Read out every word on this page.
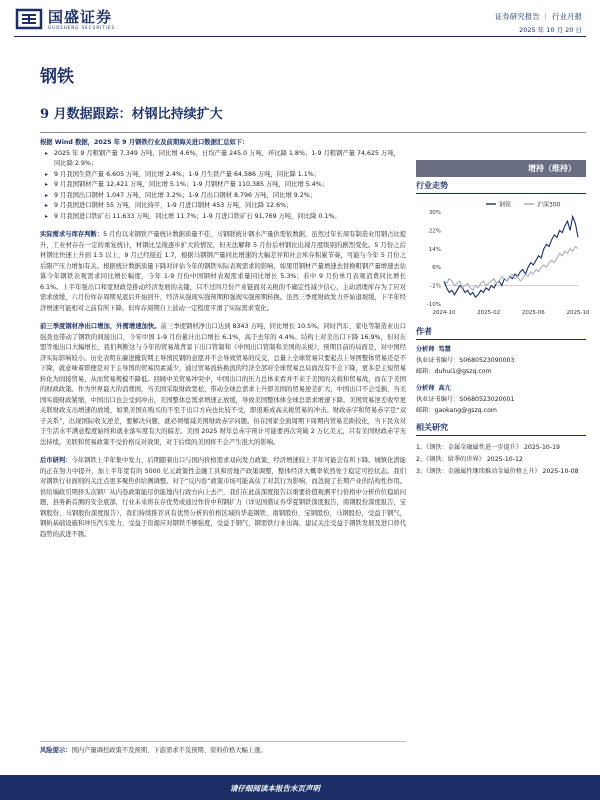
国盛证券
GUOSHENG SECURITIES
证券研究报告 ｜ 行业月报
2025 年 10 月 20 日
钢铁
9 月数据跟踪：材钢比持续扩大

根据 Wind 数据，2025 年 9 月钢铁行业及前期海关进口数据汇总如下：

▸ 2025 年 9 月粗钢产量 7,349 万吨，同比增 4.6%，日均产量 245.0 万吨，环比降 1.8%；1-9 月粗钢产量 74,625 万吨，同比降 2.9%；
▸ 9 月我国生铁产量 6,605 万吨，同比增 2.4%；1-9 月生铁产量 64,586 万吨，同比降 1.1%；
▸ 9 月我国钢材产量 12,421 万吨，同比增 5.1%；1-9 月钢材产量 110,385 万吨，同比增 5.4%；
▸ 9 月我国出口钢材 1,047 万吨，同比增 3.2%；1-9 月出口钢材 8,796 万吨，同比增 9.2%；
▸ 9 月我国进口钢材 55 万吨，同比持平，1-9 月进口钢材 453 万吨，同比降 12.6%；
▸ 9 月我国进口铁矿石 11,633 万吨，同比增 11.7%；1-9 月进口铁矿石 91,769 万吨，同比降 0.1%。

实际需求与库存判断：5 月份以来钢铁产量统计数据质量不佳，马钢联统计钢水产量供需依数据，虽然过年长周有制造业用钢占比提升，工业材存在一定的重复统计，材钢比呈现逐步扩大的情况，但无法解释 5 月份后材钢比出现月度级别的剧烈变化。5 月份之后材钢比快速上升到 1.5 以上，9 月已经接近 1.7，根据马钢钢产量同比增速的大幅差异和社会库存积累节奏，可能与今年 5 月份之后限产压力增加有关。根据统计数据质量下降对评估今年的钢铁实际表观需求的影响，如果用钢材产量增速去替换粗钢产量增速去估算今年钢铁表观需求同比增长幅度，今年 1-9 月份中国钢材表观需求量同比增长 5.3%；若中 9 月份单月表观消费同比增长 6.1%。上半年强出口和宽财政是推动经济发展的关键，只不过四月份产业链面对关税的不确定性减少信心，主动清理库存为了应对需求放缓，六月份库存周期见底后开始回升，经济从强现实强预期和强现实强预期转换。虽然三季度财政发力开始退坡缓，下半年经济增速可能相对之前有所下降，但库存周期自上波动一定程度平滑了实际需求变化。

前三季度钢材净出口增加，外需增速加快。前三季度钢材净出口达到 8343 万吨，同比增长 10.5%。同时汽车、家电等制造业出口强劲也带动了钢铁的间接出口，今年中国 1-9 月份累计出口增长 6.1%，高于去年的 4.4%。结构上对美出口下降 16.9%，但对东盟等地出口大幅增长，我们判断这与今年的贸易战背景下出口管制和《中国出口管制和美国的关税》，预期目前的局面是，对中国经济实际影响较小。历史表明在廉进撤资期主导国民钢的意愿并不会导致贸易的反交，总量上全球贸易只要起点上导图整体贸易还是不下降，就意味着即便是对于主导国的贸易因素减少，通过贸易流转换流的经济全部对全球贸易总局面没有不会下降，更多是主短贸易转化为间接贸易，从而贸易规模不降低。回顾中美贸易冲突中，中国出口的压力总体来看并不来于美国的关税和贸易战，而在于美国的财政政策。作为世界最大的消费国，当美国采取财政宽松，带动全球总需求上升即美国的贸易逆差扩大，中国出口不会受损，当美国实施财政紧缩，中国出口也会受到冲击，美国整体总需求增速正放缓，导致美国整体体全球总需求增速下降。美国贸易逆差收窄更关联财政支出增速的放缓，如果美国在购买的不至于出口方向也比较不受，即很难成高关税贸易的冲击。财政赤字和贸易赤字是“双子关系”，出现国际收支逆差，要解决问题，就必须缩减美国财政赤字问题。但在国家全面周期下周期内贸易差距较化，当下民众对于生活水平满意程度始终和就业落实度有大的偏差。美国 2025 财年总赤字预计可能要再次突破 2 万亿美元，只有美国财政赤字无法持续，美联和贸易政策不受价格反对效果，对于后续的美国将不会产生很大的影响。

后市研判：今年钢铁上半年集中发力，后期随着出口与国内价格需求双向发力政策，经济增速较上半年可能会有所下降。城镇化潜能的正在努力中提升，加上半年宽有的 5000 亿元政策性金融工具和房地产政策调整，整体经济大概率依然处于稳定可控状态。我们对钢铁行业面则的关注点更多聚焦供给侧调整。对于“反内卷”政策市场可能高估了对其行为影响，而忽视了长期产业的结构性作用。供给端政引期择头次钢厂从内卷政策能尽供能地内行政方向上去产，我们在此前深度报告以重要价值观测平行价格中分析价位稳质问题，县务新首测的安全底部，行业未来将在存优势或通过作价中利钢扩力（详见国盛证券华夏钢铁深度报告，南钢股份深度报告，宝钢股份、马钢股份深度报告），我们持续推荐具有优势分析的价格区域的华菱钢铁、南钢股份、宝钢股份，马钢股份，受益于钢气，钢轨基础设施和冲压汽车发力，受益于资源应对钢铁不够强度，受益于钢气、钢需铁行业出海，建议关注受益于钢铁发展及进口替代趋势的武进不锈。

风险提示：国内产量调控政策不及预期、下游需求不及预期、原料价格大幅上涨。
增持（维持）
行业走势
钢铁	沪深300
30%
22%
14%
6%
-2%
-10%
2024-10	2025-02	2025-06	2025-10
作者
分析师 笃慧
执业证书编号：S0680523090003
邮箱：duhui1@gszq.com
分析师 高亢
执业证书编号：S0680523020001
邮箱：gaokang@gszq.com
相关研究
1、《钢铁：金属金融属性进一步提升》 2025-10-19
2、《钢铁：给季的世界》 2025-10-12
3、《钢铁：金融属性继续推动金属价格上升》 2025-10-08
请仔细阅读本报告末页声明
